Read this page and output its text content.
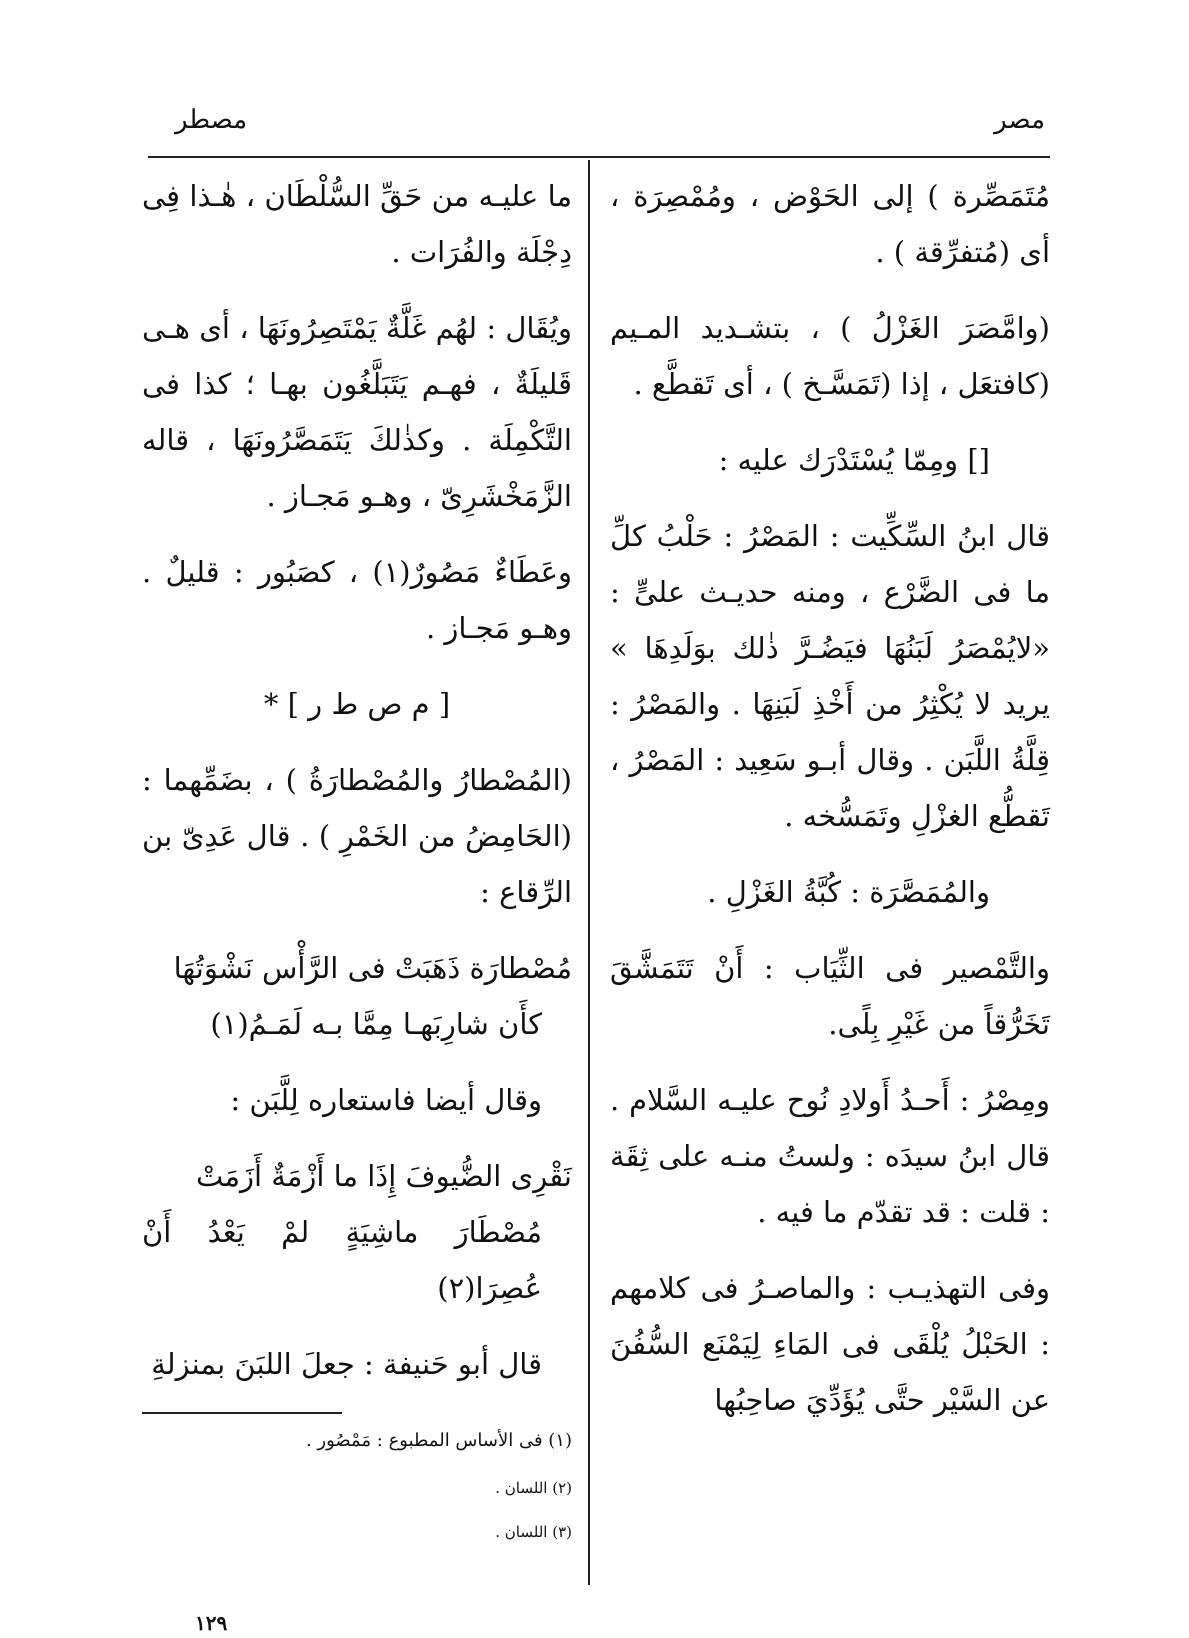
مصر
مصطر

مُتَمَصِّرة ) إلى الحَوْض ، ومُمْصِرَة ، أى (مُتفرِّقة ) .

(وامَّصَرَ الغَزْلُ ) ، بتشـديد المـيم (كافتعَل ، إذا (تَمَسَّـخ ) ، أى تَقطَّع .

[] ومِمّا يُسْتَدْرَك عليه :

قال ابنُ السِّكِّيت : المَصْرُ : حَلْبُ كلِّ ما فى الضَّرْع ، ومنه حديـث علىٍّ : «لايُمْصَرُ لَبَنُهَا فيَضُـرَّ ذٰلك بوَلَدِهَا » يريد لا يُكْثِرُ من أَخْذِ لَبَنِهَا . والمَصْرُ : قِلَّةُ اللَّبَن . وقال أبـو سَعِيد : المَصْرُ ، تَقطُّع الغزْلِ وتَمَسُّخه .

والمُمَصَّرَة : كُبَّةُ الغَزْلِ .

والتَّمْصير فى الثِّيَاب : أَنْ تَتَمَشَّقَ تَخَرُّقاً من غَيْرِ بِلًى.

ومِصْرُ : أَحـدُ أَولادِ نُوح عليـه السَّلام . قال ابنُ سيدَه : ولستُ منـه على ثِقَة : قلت : قد تقدّم ما فيه .

وفى التهذيـب : والماصـرُ فى كلامهم : الحَبْلُ يُلْقَى فى المَاءِ لِيَمْنَع السُّفُنَ عن السَّيْر حتَّى يُؤَدِّيَ صاحِبُها

ما عليـه من حَقِّ السُّلْطَان ، هٰـذا فِى دِجْلَة والفُرَات .

ويُقَال : لهُم غَلَّةٌ يَمْتَصِرُونَهَا ، أى هـى قَليلَةٌ ، فهـم يَتَبَلَّغُون بهـا ؛ كذا فى التَّكْمِلَة . وكذٰلكَ يَتَمَصَّرُونَهَا ، قاله الزَّمَخْشَرِىّ ، وهـو مَجـاز .

وعَطَاءٌ مَصُورٌ(١) ، كصَبُور : قليلٌ . وهـو مَجـاز .

[ م ص ط ر ] *

(المُصْطارُ والمُصْطارَةُ ) ، بضَمِّهما : (الحَامِضُ من الخَمْرِ ) . قال عَدِىّ بن الرِّقاع :

مُصْطارَة ذَهَبَتْ فى الرَّأْس نَشْوَتُهَا
كأَن شارِبَهـا مِمَّا بـه لَمَـمُ(١)

وقال أيضا فاستعاره لِلَّبَن :

نَقْرِى الضُّيوفَ إِذَا ما أَزْمَةٌ أَزَمَتْ
مُصْطَارَ ماشِيَةٍ لمْ يَعْدُ أَنْ عُصِرَا(٢)

قال أبو حَنيفة : جعلَ اللبَنَ بمنزلةِ

(١) فى الأساس المطبوع : مَمْصُور .

(٢) اللسان .

(٣) اللسان .

١٢٩
